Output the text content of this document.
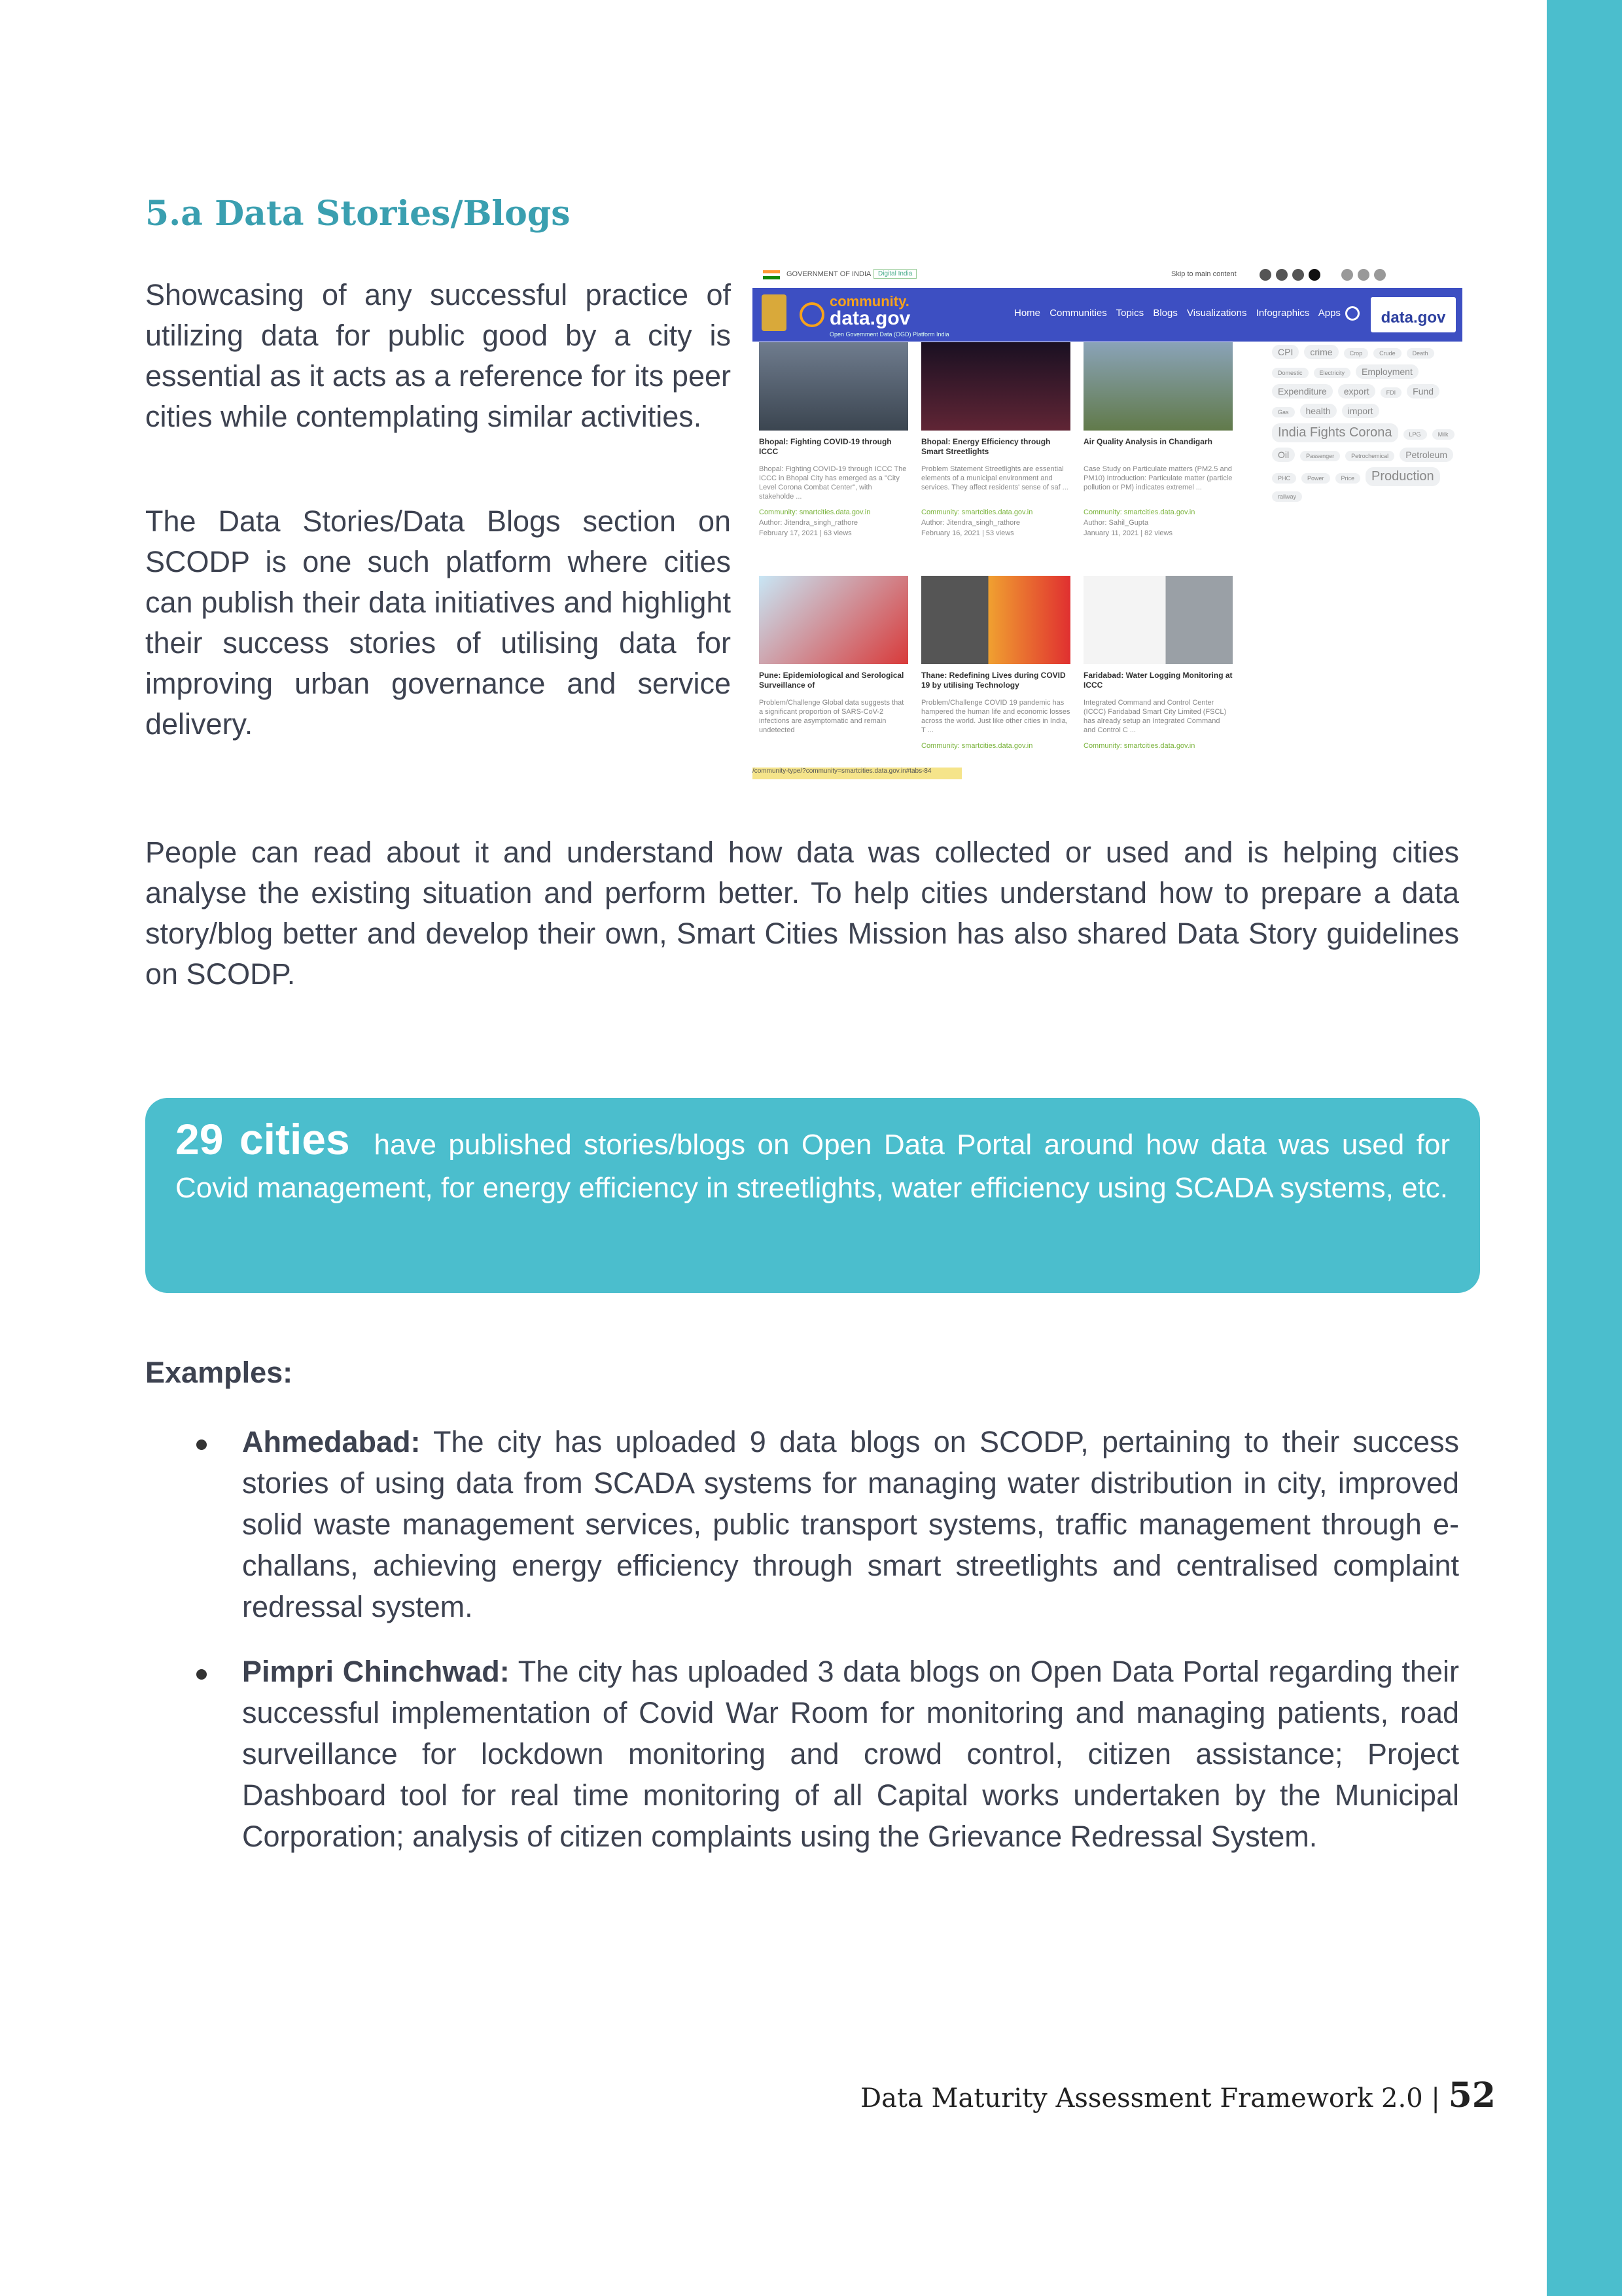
5.a Data Stories/Blogs

Showcasing of any successful practice of utilizing data for public good by a city is essential as it acts as a reference for its peer cities while contemplating similar activities.

The Data Stories/Data Blogs section on SCODP is one such platform where cities can publish their data initiatives and highlight their success stories of utilising data for improving urban governance and service delivery.

GOVERNMENT OF INDIA	Digital India	Skip to main content
community.
data.gov
Open Government Data (OGD) Platform India
Home Communities Topics Blogs Visualizations Infographics Apps	data.gov
Bhopal: Fighting COVID-19 through ICCC
Bhopal: Fighting COVID-19 through ICCC The ICCC in Bhopal City has emerged as a "City Level Corona Combat Center", with stakeholde ...
Community: smartcities.data.gov.in
Author: Jitendra_singh_rathore
February 17, 2021 | 63 views
Bhopal: Energy Efficiency through Smart Streetlights
Problem Statement Streetlights are essential elements of a municipal environment and services. They affect residents' sense of saf ...
Community: smartcities.data.gov.in
Author: Jitendra_singh_rathore
February 16, 2021 | 53 views
Air Quality Analysis in Chandigarh
Case Study on Particulate matters (PM2.5 and PM10) Introduction: Particulate matter (particle pollution or PM) indicates extremel ...
Community: smartcities.data.gov.in
Author: Sahil_Gupta
January 11, 2021 | 82 views
Pune: Epidemiological and Serological Surveillance of
Problem/Challenge Global data suggests that a significant proportion of SARS-CoV-2 infections are asymptomatic and remain undetected
Thane: Redefining Lives during COVID 19 by utilising Technology
Problem/Challenge COVID 19 pandemic has hampered the human life and economic losses across the world. Just like other cities in India, T ...
Community: smartcities.data.gov.in
Faridabad: Water Logging Monitoring at ICCC
Integrated Command and Control Center (ICCC) Faridabad Smart City Limited (FSCL) has already setup an Integrated Command and Control C ...
Community: smartcities.data.gov.in
CPI crime	Crop	Crude	DeathDomestic	Electricity EmploymentExpenditure export	FDI FundGas health importIndia Fights Corona	LPG	MilkOil	Passenger	Petrochemical PetroleumPHC	Power	Price Productionrailway
/community-type/?community=smartcities.data.gov.in#tabs-84

People can read about it and understand how data was collected or used and is helping cities analyse the existing situation and perform better. To help cities understand how to prepare a data story/blog better and develop their own, Smart Cities Mission has also shared Data Story guidelines on SCODP.

29 cities have published stories/blogs on Open Data Portal around how data was used for Covid management, for energy efficiency in streetlights, water efficiency using SCADA systems, etc.

Examples:

Ahmedabad: The city has uploaded 9 data blogs on SCODP, pertaining to their success stories of using data from SCADA systems for managing water distribution in city, improved solid waste management services, public transport systems, traffic management through e-challans, achieving energy efficiency through smart streetlights and centralised complaint redressal system.

Pimpri Chinchwad: The city has uploaded 3 data blogs on Open Data Portal regarding their successful implementation of Covid War Room for monitoring and managing patients, road surveillance for lockdown monitoring and crowd control, citizen assistance; Project Dashboard tool for real time monitoring of all Capital works undertaken by the Municipal Corporation; analysis of citizen complaints using the Grievance Redressal System.

Data Maturity Assessment Framework 2.0 | 52
